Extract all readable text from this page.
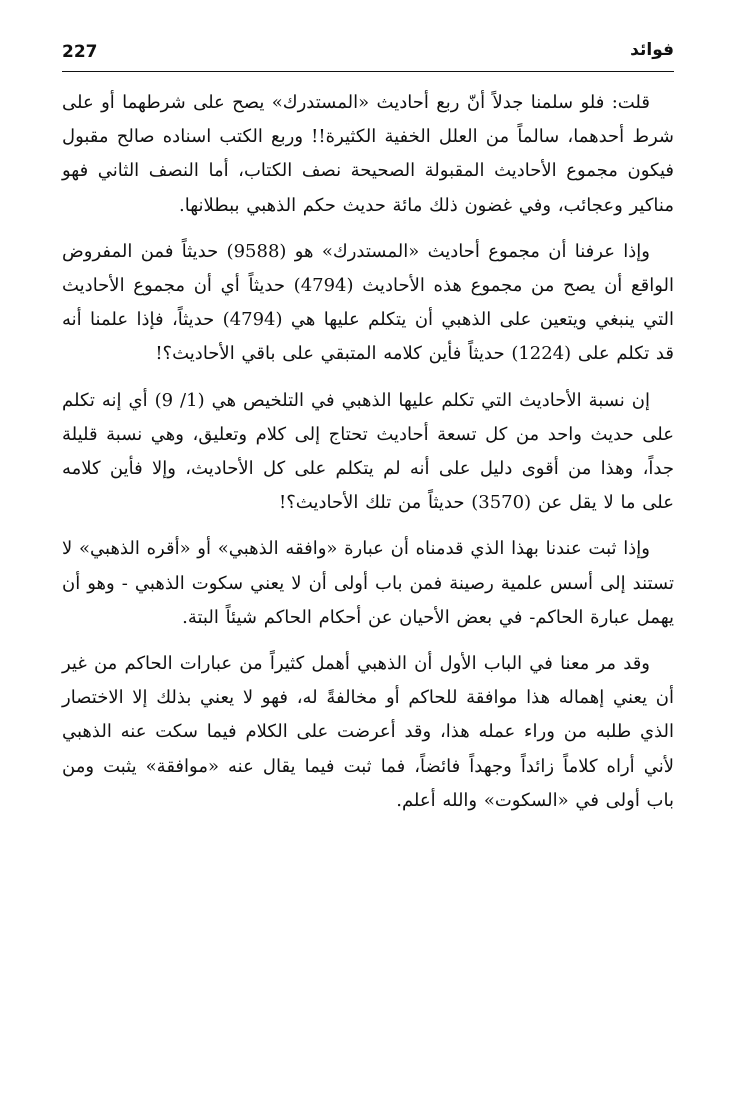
227	فوائد

قلت: فلو سلمنا جدلاً أنّ ربع أحاديث «المستدرك» يصح على شرطهما أو على شرط أحدهما، سالماً من العلل الخفية الكثيرة!! وربع الكتب اسناده صالح مقبول فيكون مجموع الأحاديث المقبولة الصحيحة نصف الكتاب، أما النصف الثاني فهو مناكير وعجائب، وفي غضون ذلك مائة حديث حكم الذهبي ببطلانها.

وإذا عرفنا أن مجموع أحاديث «المستدرك» هو (9588) حديثاً فمن المفروض الواقع أن يصح من مجموع هذه الأحاديث (4794) حديثاً أي أن مجموع الأحاديث التي ينبغي ويتعين على الذهبي أن يتكلم عليها هي (4794) حديثاً، فإذا علمنا أنه قد تكلم على (1224) حديثاً فأين كلامه المتبقي على باقي الأحاديث؟!

إن نسبة الأحاديث التي تكلم عليها الذهبي في التلخيص هي (1/ 9) أي إنه تكلم على حديث واحد من كل تسعة أحاديث تحتاج إلى كلام وتعليق، وهي نسبة قليلة جداً، وهذا من أقوى دليل على أنه لم يتكلم على كل الأحاديث، وإلا فأين كلامه على ما لا يقل عن (3570) حديثاً من تلك الأحاديث؟!

وإذا ثبت عندنا بهذا الذي قدمناه أن عبارة «وافقه الذهبي» أو «أقره الذهبي» لا تستند إلى أسس علمية رصينة فمن باب أولى أن لا يعني سكوت الذهبي - وهو أن يهمل عبارة الحاكم- في بعض الأحيان عن أحكام الحاكم شيئاً البتة.

وقد مر معنا في الباب الأول أن الذهبي أهمل كثيراً من عبارات الحاكم من غير أن يعني إهماله هذا موافقة للحاكم أو مخالفةً له، فهو لا يعني بذلك إلا الاختصار الذي طلبه من وراء عمله هذا، وقد أعرضت على الكلام فيما سكت عنه الذهبي لأني أراه كلاماً زائداً وجهداً فائضاً، فما ثبت فيما يقال عنه «موافقة» يثبت ومن باب أولى في «السكوت» والله أعلم.
